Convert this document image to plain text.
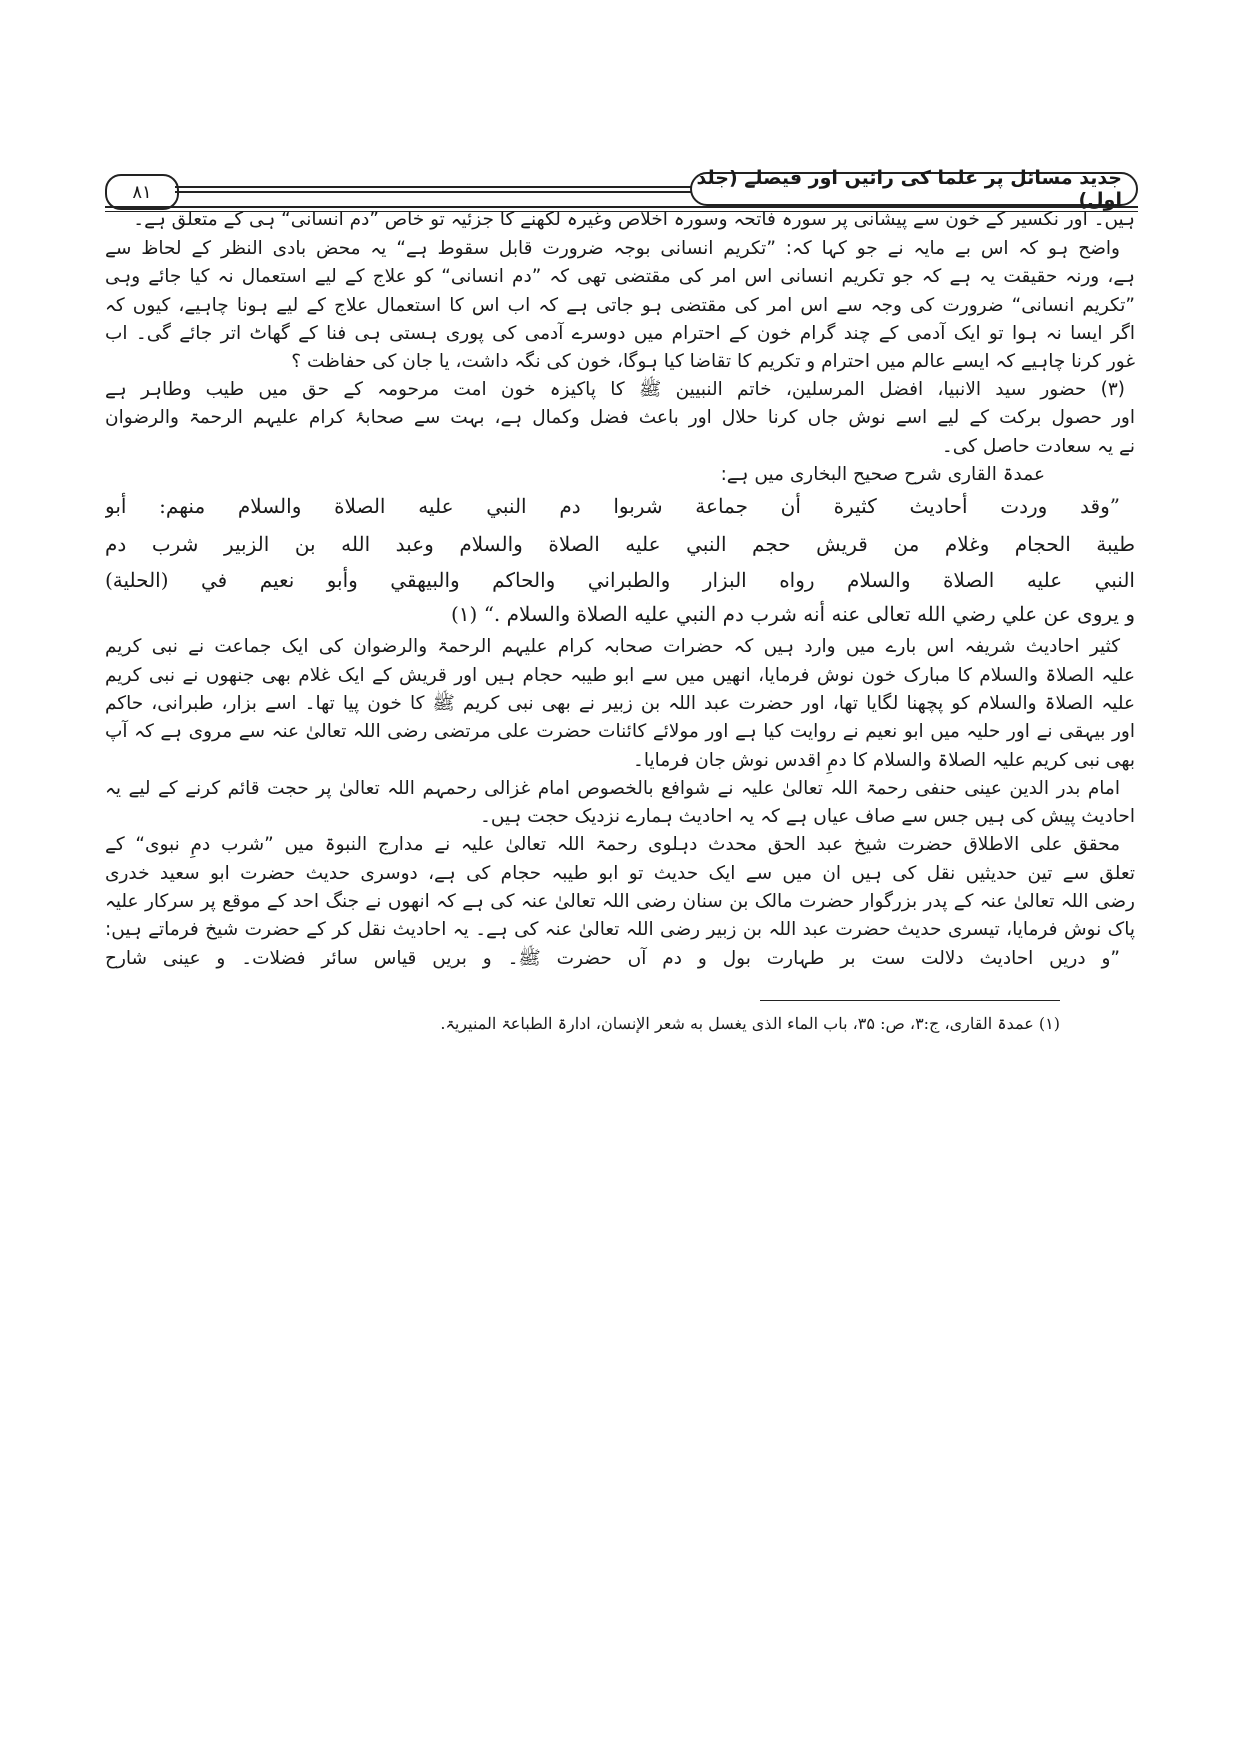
۸۱
جدید مسائل پر علما کی رائیں اور فیصلے (جلد اول)
ہیں۔ اور نکسیر کے خون سے پیشانی پر سورہ فاتحہ وسورہ اخلاص وغیرہ لکھنے کا جزئیہ تو خاص ”دم انسانی“ ہی کے متعلق ہے۔
واضح ہو کہ اس بے مایہ نے جو کہا کہ: ”تکریم انسانی بوجہ ضرورت قابل سقوط ہے“ یہ محض بادی النظر کے لحاظ سے
ہے، ورنہ حقیقت یہ ہے کہ جو تکریم انسانی اس امر کی مقتضی تھی کہ ”دم انسانی“ کو علاج کے لیے استعمال نہ کیا جائے وہی
”تکریم انسانی“ ضرورت کی وجہ سے اس امر کی مقتضی ہو جاتی ہے کہ اب اس کا استعمال علاج کے لیے ہونا چاہیے، کیوں کہ
اگر ایسا نہ ہوا تو ایک آدمی کے چند گرام خون کے احترام میں دوسرے آدمی کی پوری ہستی ہی فنا کے گھاٹ اتر جائے گی۔ اب
غور کرنا چاہیے کہ ایسے عالم میں احترام و تکریم کا تقاضا کیا ہوگا، خون کی نگہ داشت، یا جان کی حفاظت ؟
(۳) حضور سید الانبیا، افضل المرسلین، خاتم النبیین ﷺ کا پاکیزہ خون امت مرحومہ کے حق میں طیب وطاہر ہے
اور حصول برکت کے لیے اسے نوش جاں کرنا حلال اور باعث فضل وکمال ہے، بہت سے صحابۂ کرام علیہم الرحمۃ والرضوان
نے یہ سعادت حاصل کی۔
عمدۃ القاری شرح صحیح البخاری میں ہے:
”وقد وردت أحاديث كثيرة أن جماعة شربوا دم النبي عليه الصلاة والسلام منهم: أبو
طيبة الحجام وغلام من قريش حجم النبي عليه الصلاة والسلام وعبد الله بن الزبير شرب دم
النبي عليه الصلاة والسلام رواه البزار والطبراني والحاكم والبيهقي وأبو نعيم في (الحلية)
و يروى عن علي رضي الله تعالى عنه أنه شرب دم النبي عليه الصلاة والسلام .“ (۱)
کثیر احادیث شریفہ اس بارے میں وارد ہیں کہ حضرات صحابہ کرام علیہم الرحمۃ والرضوان کی ایک جماعت نے نبی کریم
علیہ الصلاۃ والسلام کا مبارک خون نوش فرمایا، انھیں میں سے ابو طیبہ حجام ہیں اور قریش کے ایک غلام بھی جنھوں نے نبی کریم
علیہ الصلاۃ والسلام کو پچھنا لگایا تھا، اور حضرت عبد اللہ بن زبیر نے بھی نبی کریم ﷺ کا خون پیا تھا۔ اسے بزار، طبرانی، حاکم
اور بیہقی نے اور حلیہ میں ابو نعیم نے روایت کیا ہے اور مولائے کائنات حضرت علی مرتضی رضی اللہ تعالیٰ عنہ سے مروی ہے کہ آپ
بھی نبی کریم علیہ الصلاۃ والسلام کا دمِ اقدس نوش جان فرمایا۔
امام بدر الدین عینی حنفی رحمۃ اللہ تعالیٰ علیہ نے شوافع بالخصوص امام غزالی رحمہم اللہ تعالیٰ پر حجت قائم کرنے کے لیے یہ
احادیث پیش کی ہیں جس سے صاف عیاں ہے کہ یہ احادیث ہمارے نزدیک حجت ہیں۔
محقق علی الاطلاق حضرت شیخ عبد الحق محدث دہلوی رحمۃ اللہ تعالیٰ علیہ نے مدارج النبوۃ میں ”شرب دمِ نبوی“ کے
تعلق سے تین حدیثیں نقل کی ہیں ان میں سے ایک حدیث تو ابو طیبہ حجام کی ہے، دوسری حدیث حضرت ابو سعید خدری
رضی اللہ تعالیٰ عنہ کے پدر بزرگوار حضرت مالک بن سنان رضی اللہ تعالیٰ عنہ کی ہے کہ انھوں نے جنگ احد کے موقع پر سرکار علیہ
پاک نوش فرمایا، تیسری حدیث حضرت عبد اللہ بن زبیر رضی اللہ تعالیٰ عنہ کی ہے۔ یہ احادیث نقل کر کے حضرت شیخ فرماتے ہیں:
”و دریں احادیث دلالت ست بر طہارت بول و دم آں حضرت ﷺ۔ و بریں قیاس سائر فضلات۔ و عینی شارح
(۱) عمدۃ القاری، ج:۳، ص: ۳۵، باب الماء الذی یغسل به شعر الإنسان، ادارۃ الطباعۃ المنیریۃ.
